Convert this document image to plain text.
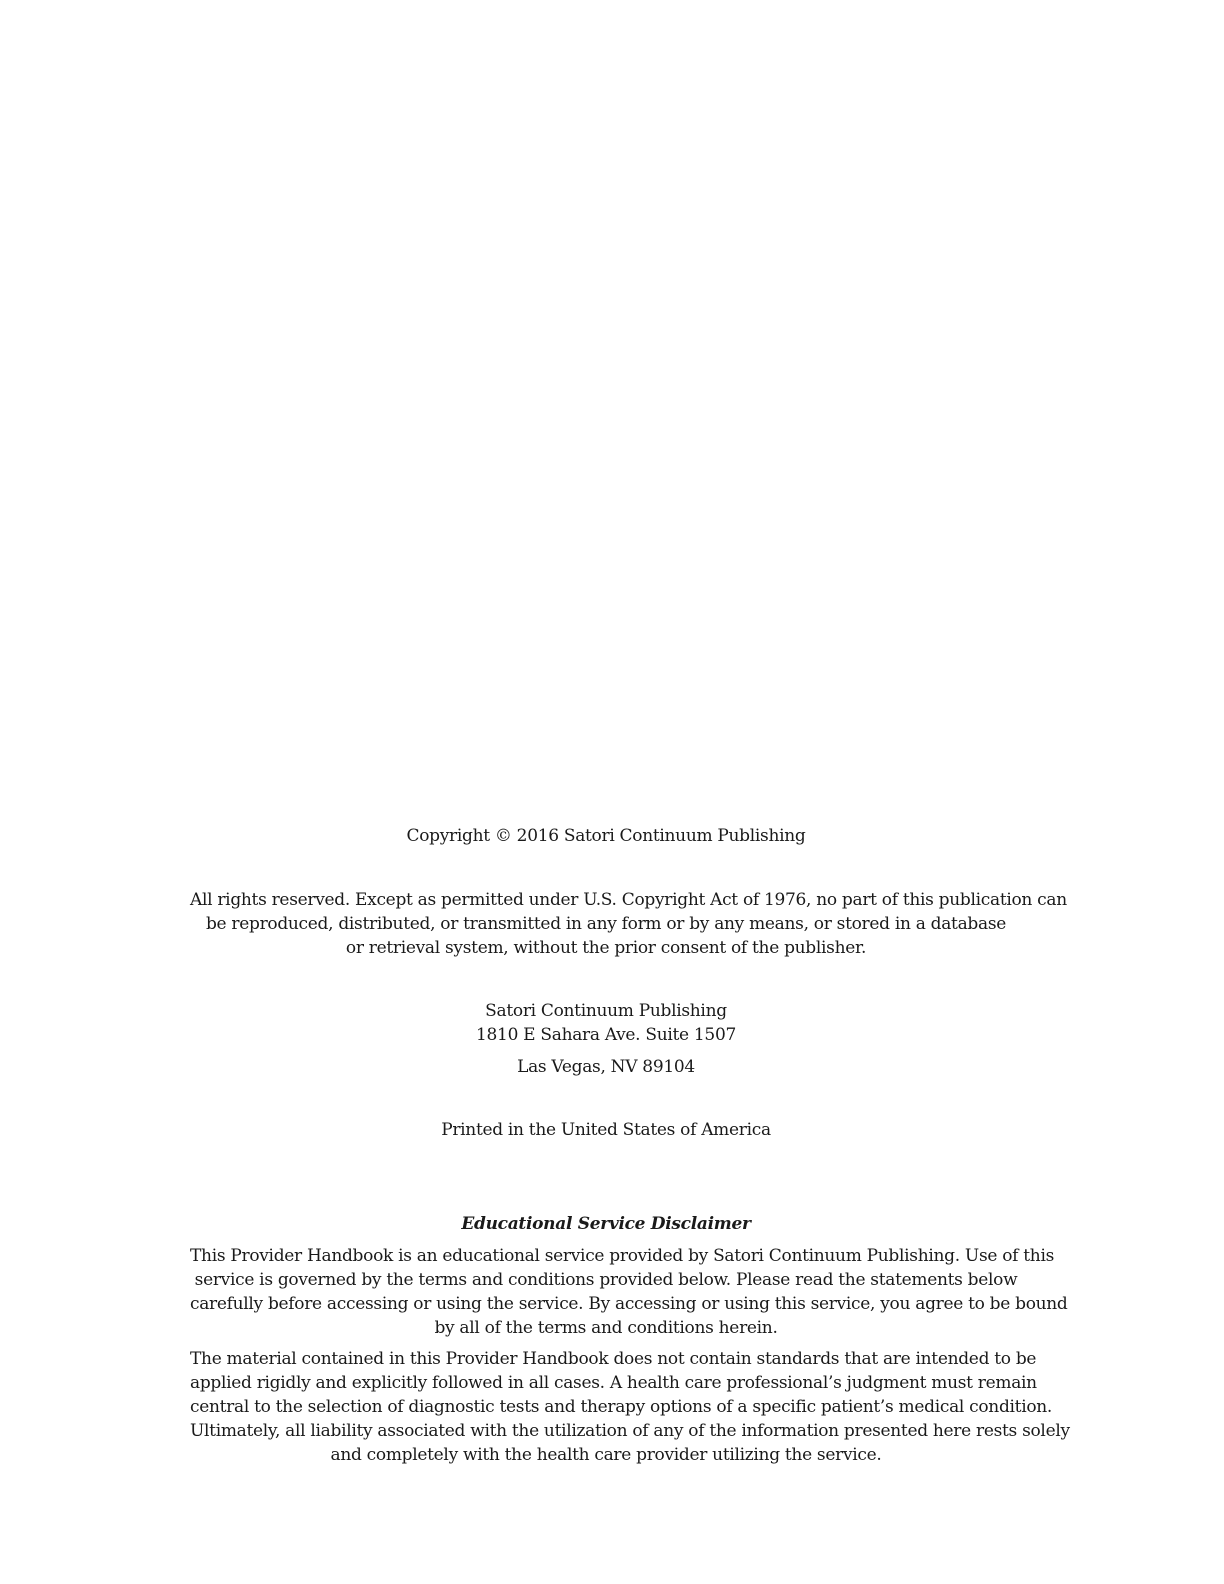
Copyright © 2016 Satori Continuum Publishing
All rights reserved. Except as permitted under U.S. Copyright Act of 1976, no part of this publication can
be reproduced, distributed, or transmitted in any form or by any means, or stored in a database
or retrieval system, without the prior consent of the publisher.
Satori Continuum Publishing
1810 E Sahara Ave. Suite 1507
Las Vegas, NV 89104
Printed in the United States of America
Educational Service Disclaimer
This Provider Handbook is an educational service provided by Satori Continuum Publishing. Use of this
service is governed by the terms and conditions provided below. Please read the statements below
carefully before accessing or using the service. By accessing or using this service, you agree to be bound
by all of the terms and conditions herein.
The material contained in this Provider Handbook does not contain standards that are intended to be
applied rigidly and explicitly followed in all cases. A health care professional’s judgment must remain
central to the selection of diagnostic tests and therapy options of a specific patient’s medical condition.
Ultimately, all liability associated with the utilization of any of the information presented here rests solely
and completely with the health care provider utilizing the service.
